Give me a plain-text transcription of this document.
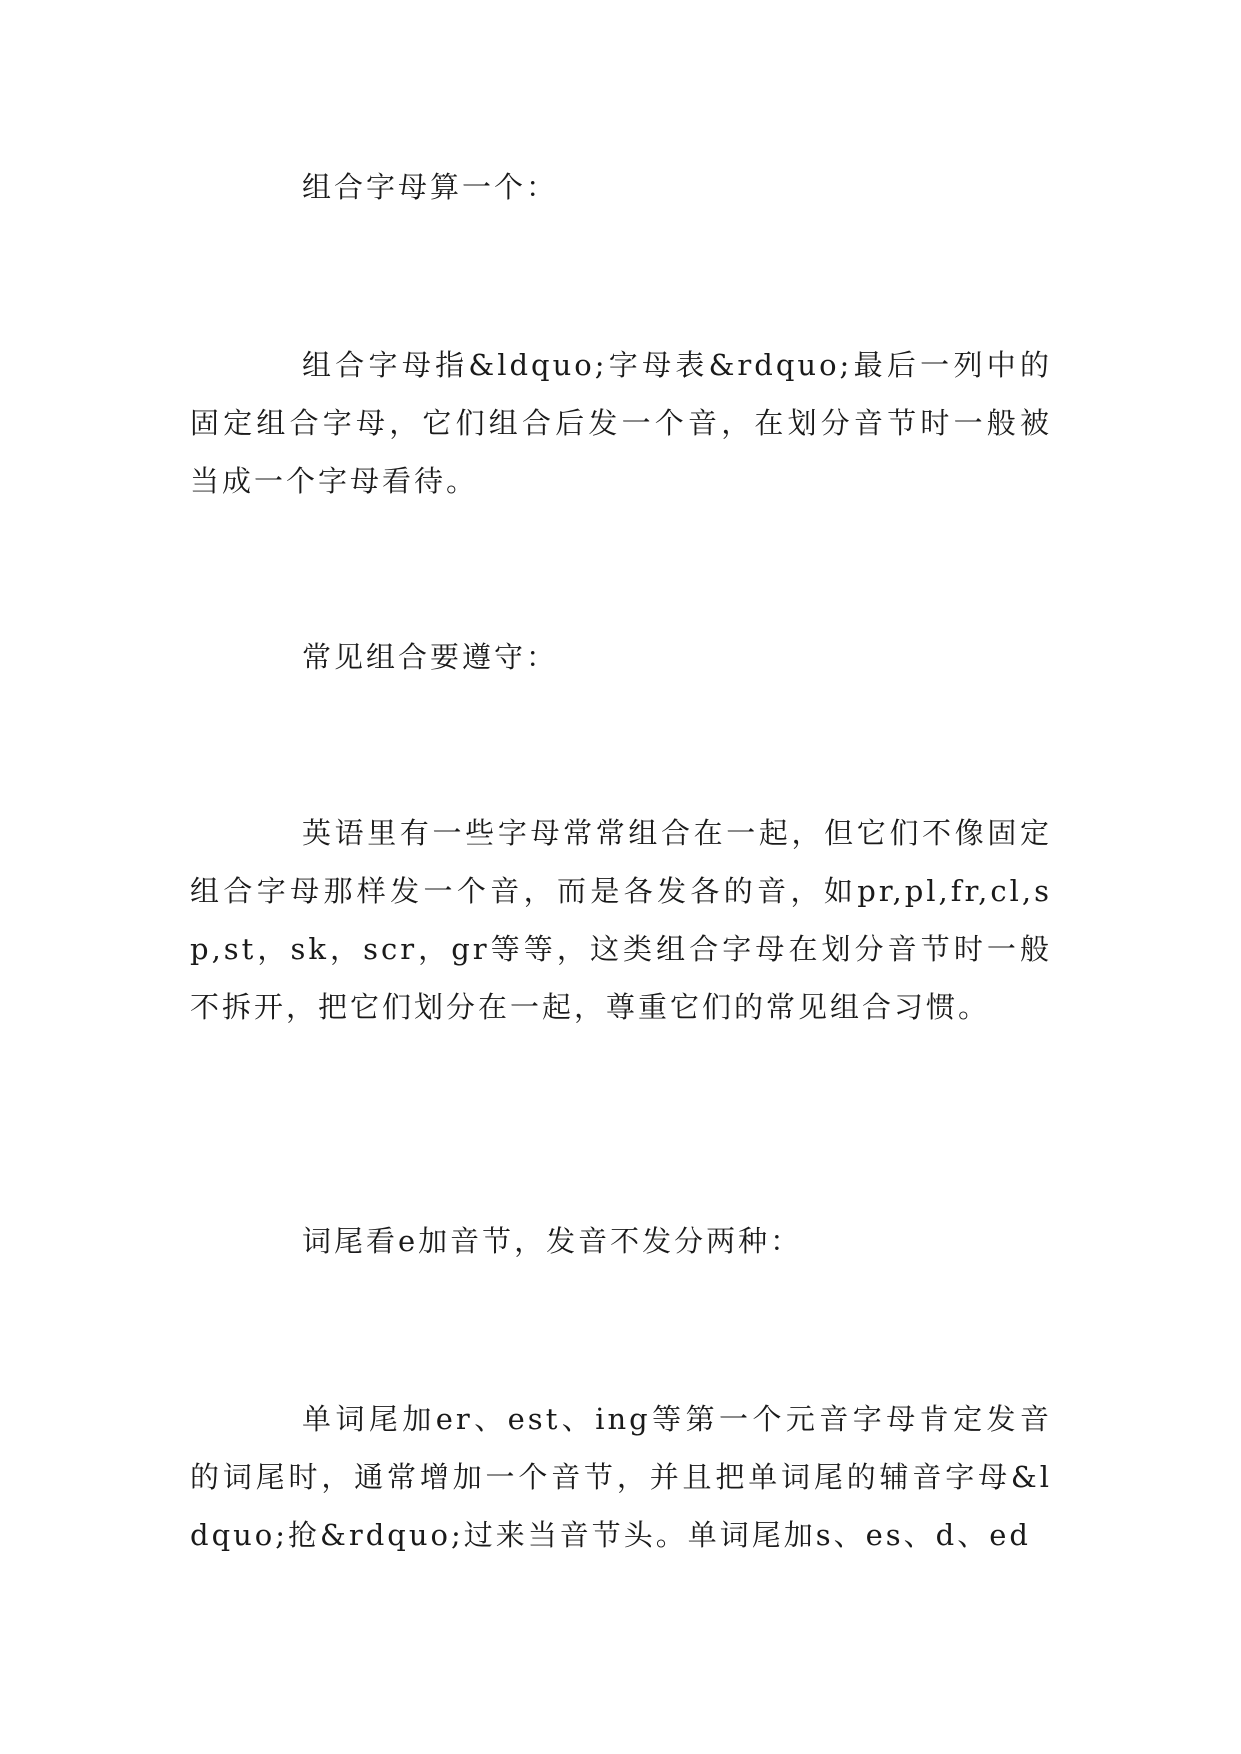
组合字母算一个：

组合字母指&ldquo;字母表&rdquo;最后一列中的固定组合字母，它们组合后发一个音，在划分音节时一般被当成一个字母看待。

常见组合要遵守：

英语里有一些字母常常组合在一起，但它们不像固定组合字母那样发一个音，而是各发各的音，如pr,pl,fr,cl,sp,st，sk，scr，gr等等，这类组合字母在划分音节时一般不拆开，把它们划分在一起，尊重它们的常见组合习惯。

词尾看e加音节，发音不发分两种：

单词尾加er、est、ing等第一个元音字母肯定发音的词尾时，通常增加一个音节，并且把单词尾的辅音字母&ldquo;抢&rdquo;过来当音节头。单词尾加s、es、d、ed
